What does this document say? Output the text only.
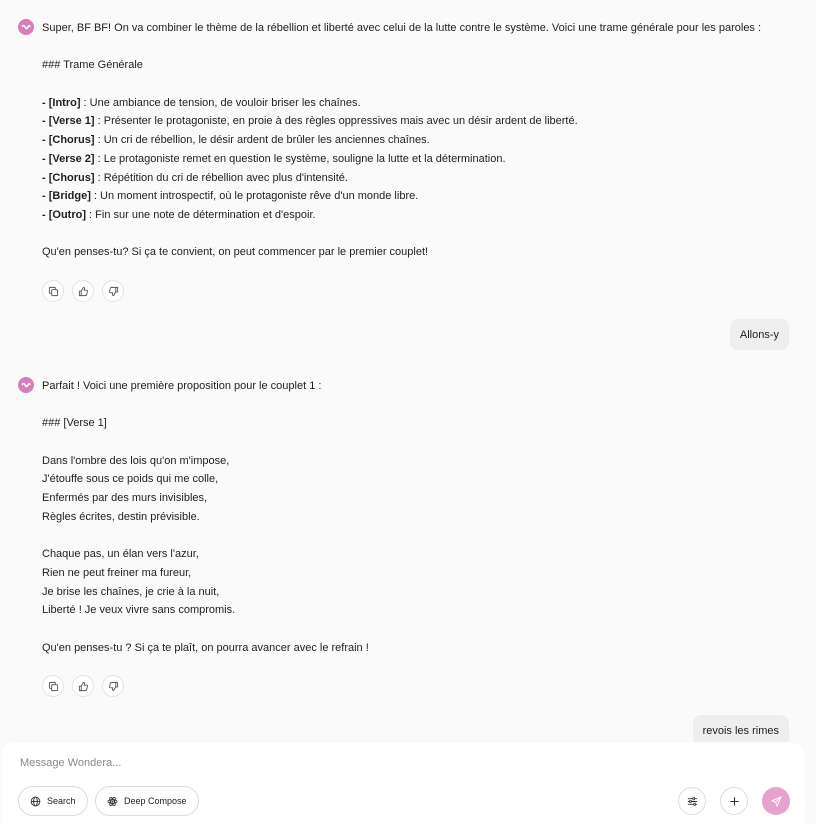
Super, BF BF! On va combiner le thème de la rébellion et liberté avec celui de la lutte contre le système. Voici une trame générale pour les paroles :
### Trame Générale
- [Intro] : Une ambiance de tension, de vouloir briser les chaînes.
- [Verse 1] : Présenter le protagoniste, en proie à des règles oppressives mais avec un désir ardent de liberté.
- [Chorus] : Un cri de rébellion, le désir ardent de brûler les anciennes chaînes.
- [Verse 2] : Le protagoniste remet en question le système, souligne la lutte et la détermination.
- [Chorus] : Répétition du cri de rébellion avec plus d'intensité.
- [Bridge] : Un moment introspectif, où le protagoniste rêve d'un monde libre.
- [Outro] : Fin sur une note de détermination et d'espoir.
Qu'en penses-tu? Si ça te convient, on peut commencer par le premier couplet!
Allons-y
Parfait ! Voici une première proposition pour le couplet 1 :
### [Verse 1]
Dans l'ombre des lois qu'on m'impose,
J'étouffe sous ce poids qui me colle,
Enfermés par des murs invisibles,
Règles écrites, destin prévisible.
Chaque pas, un élan vers l'azur,
Rien ne peut freiner ma fureur,
Je brise les chaînes, je crie à la nuit,
Liberté ! Je veux vivre sans compromis.
Qu'en penses-tu ? Si ça te plaît, on pourra avancer avec le refrain !
revois les rimes
Message Wondera...
Search	Deep Compose
